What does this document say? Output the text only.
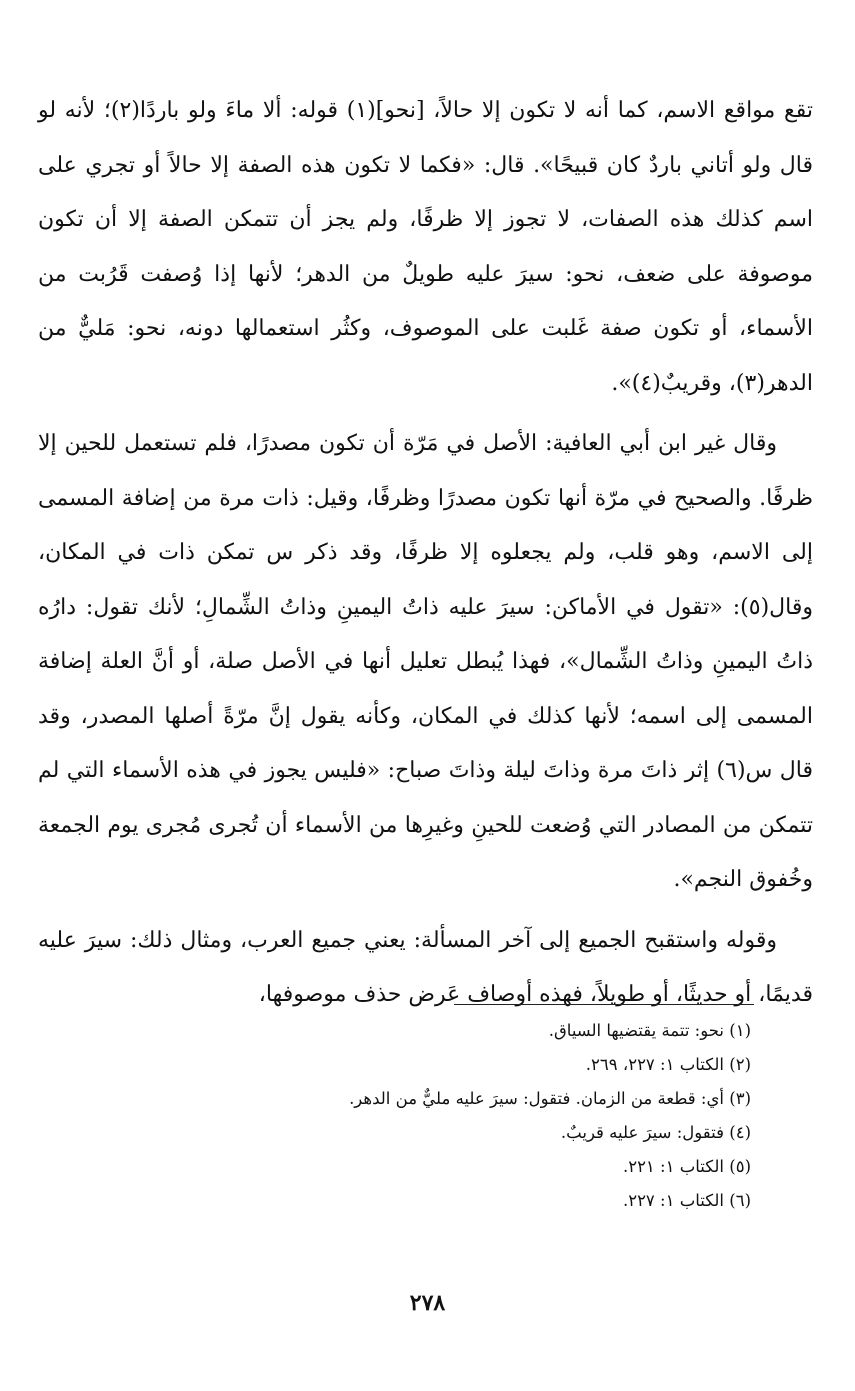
تقع مواقع الاسم، كما أنه لا تكون إلا حالاً، [نحو](١) قوله: ألا ماءَ ولو باردًا(٢)؛ لأنه لو قال ولو أتاني باردٌ كان قبيحًا». قال: «فكما لا تكون هذه الصفة إلا حالاً أو تجري على اسم كذلك هذه الصفات، لا تجوز إلا ظرفًا، ولم يجز أن تتمكن الصفة إلا أن تكون موصوفة على ضعف، نحو: سيرَ عليه طويلٌ من الدهر؛ لأنها إذا وُصفت قَرُبت من الأسماء، أو تكون صفة غَلبت على الموصوف، وكثُر استعمالها دونه، نحو: مَليٌّ من الدهر(٣)، وقريبٌ(٤)».

وقال غير ابن أبي العافية: الأصل في مَرّة أن تكون مصدرًا، فلم تستعمل للحين إلا ظرفًا. والصحيح في مرّة أنها تكون مصدرًا وظرفًا، وقيل: ذات مرة من إضافة المسمى إلى الاسم، وهو قلب، ولم يجعلوه إلا ظرفًا، وقد ذكر س تمكن ذات في المكان، وقال(٥): «تقول في الأماكن: سيرَ عليه ذاتُ اليمينِ وذاتُ الشِّمالِ؛ لأنك تقول: دارُه ذاتُ اليمينِ وذاتُ الشِّمال»، فهذا يُبطل تعليل أنها في الأصل صلة، أو أنَّ العلة إضافة المسمى إلى اسمه؛ لأنها كذلك في المكان، وكأنه يقول إنَّ مرّةً أصلها المصدر، وقد قال س(٦) إثر ذاتَ مرة وذاتَ ليلة وذاتَ صباح: «فليس يجوز في هذه الأسماء التي لم تتمكن من المصادر التي وُضعت للحينِ وغيرِها من الأسماء أن تُجرى مُجرى يوم الجمعة وخُفوق النجم».

وقوله واستقبح الجميع إلى آخر المسألة: يعني جميع العرب، ومثال ذلك: سيرَ عليه قديمًا، أو حديثًا، أو طويلاً، فهذه أوصاف عَرض حذف موصوفها،

(١) نحو: تتمة يقتضيها السياق.

(٢) الكتاب ١: ٢٢٧، ٢٦٩.

(٣) أي: قطعة من الزمان. فتقول: سيرَ عليه مليٌّ من الدهر.

(٤) فتقول: سيرَ عليه قريبٌ.

(٥) الكتاب ١: ٢٢١.

(٦) الكتاب ١: ٢٢٧.

٢٧٨
